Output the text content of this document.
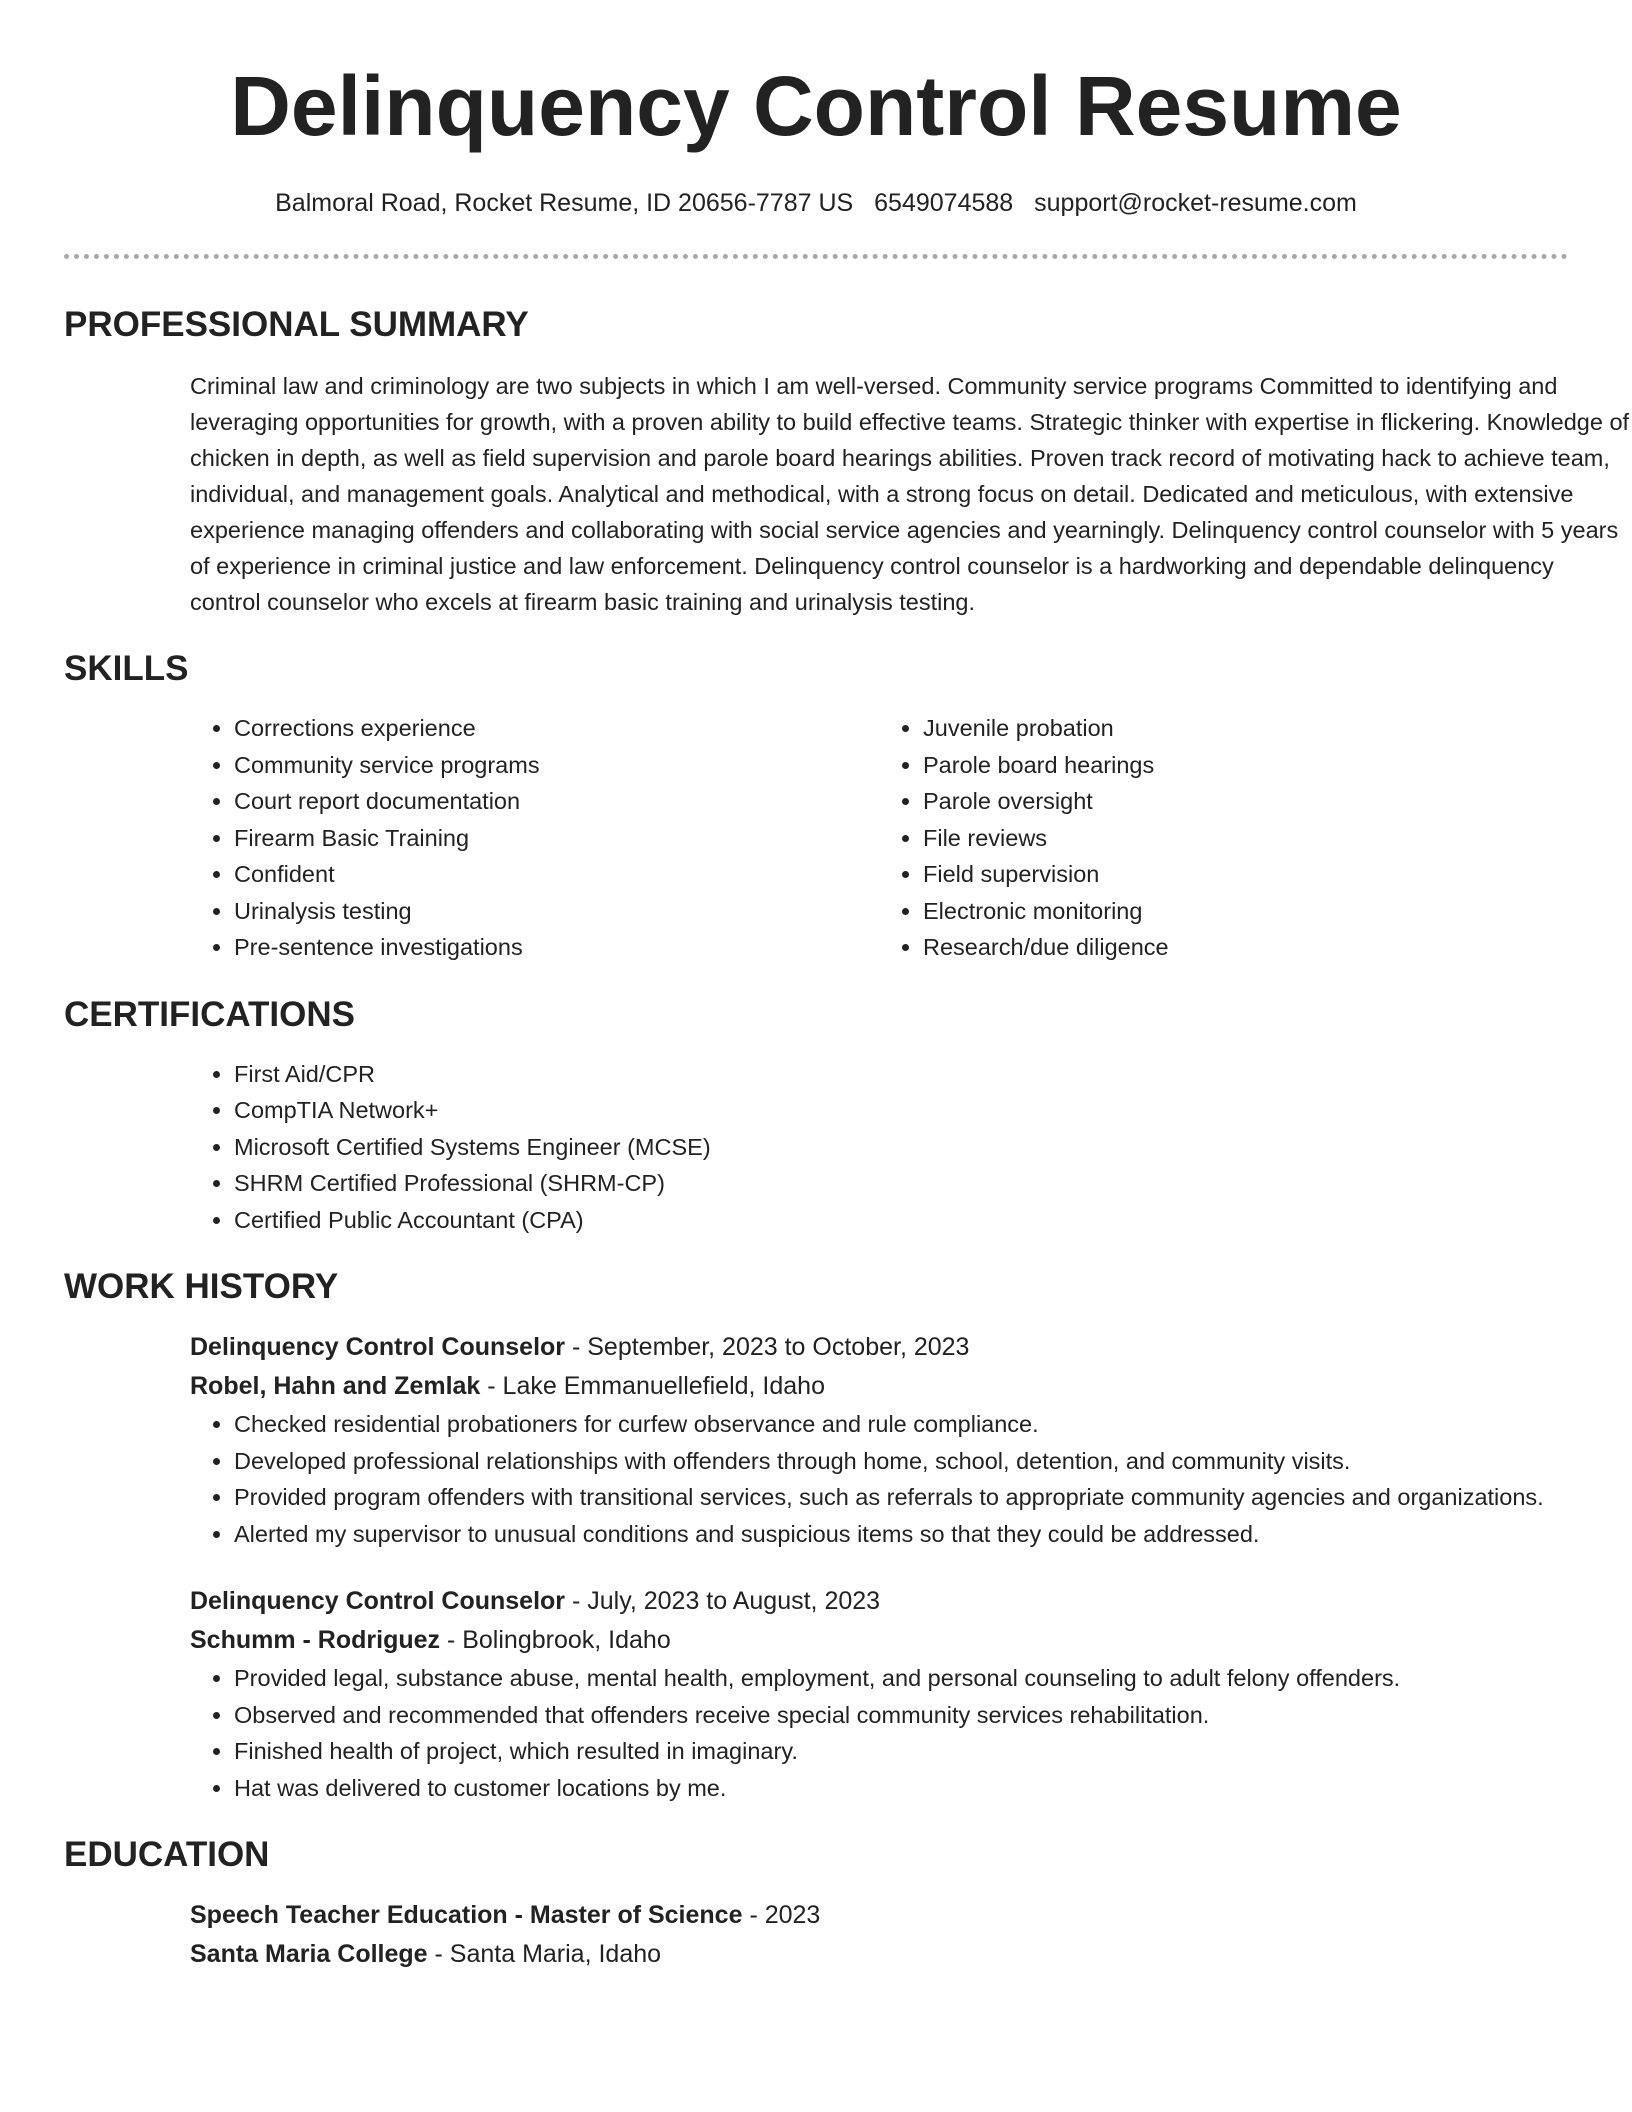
Delinquency Control Resume
Balmoral Road, Rocket Resume, ID 20656-7787 US 6549074588 support@rocket-resume.com
PROFESSIONAL SUMMARY
Criminal law and criminology are two subjects in which I am well-versed. Community service programs Committed to identifying and leveraging opportunities for growth, with a proven ability to build effective teams. Strategic thinker with expertise in flickering. Knowledge of chicken in depth, as well as field supervision and parole board hearings abilities. Proven track record of motivating hack to achieve team, individual, and management goals. Analytical and methodical, with a strong focus on detail. Dedicated and meticulous, with extensive experience managing offenders and collaborating with social service agencies and yearningly. Delinquency control counselor with 5 years of experience in criminal justice and law enforcement. Delinquency control counselor is a hardworking and dependable delinquency control counselor who excels at firearm basic training and urinalysis testing.
SKILLS
• Corrections experience
• Community service programs
• Court report documentation
• Firearm Basic Training
• Confident
• Urinalysis testing
• Pre-sentence investigations
• Juvenile probation
• Parole board hearings
• Parole oversight
• File reviews
• Field supervision
• Electronic monitoring
• Research/due diligence
CERTIFICATIONS
• First Aid/CPR
• CompTIA Network+
• Microsoft Certified Systems Engineer (MCSE)
• SHRM Certified Professional (SHRM-CP)
• Certified Public Accountant (CPA)
WORK HISTORY
Delinquency Control Counselor - September, 2023 to October, 2023
Robel, Hahn and Zemlak - Lake Emmanuellefield, Idaho
• Checked residential probationers for curfew observance and rule compliance.
• Developed professional relationships with offenders through home, school, detention, and community visits.
• Provided program offenders with transitional services, such as referrals to appropriate community agencies and organizations.
• Alerted my supervisor to unusual conditions and suspicious items so that they could be addressed.
Delinquency Control Counselor - July, 2023 to August, 2023
Schumm - Rodriguez - Bolingbrook, Idaho
• Provided legal, substance abuse, mental health, employment, and personal counseling to adult felony offenders.
• Observed and recommended that offenders receive special community services rehabilitation.
• Finished health of project, which resulted in imaginary.
• Hat was delivered to customer locations by me.
EDUCATION
Speech Teacher Education - Master of Science - 2023
Santa Maria College - Santa Maria, Idaho
